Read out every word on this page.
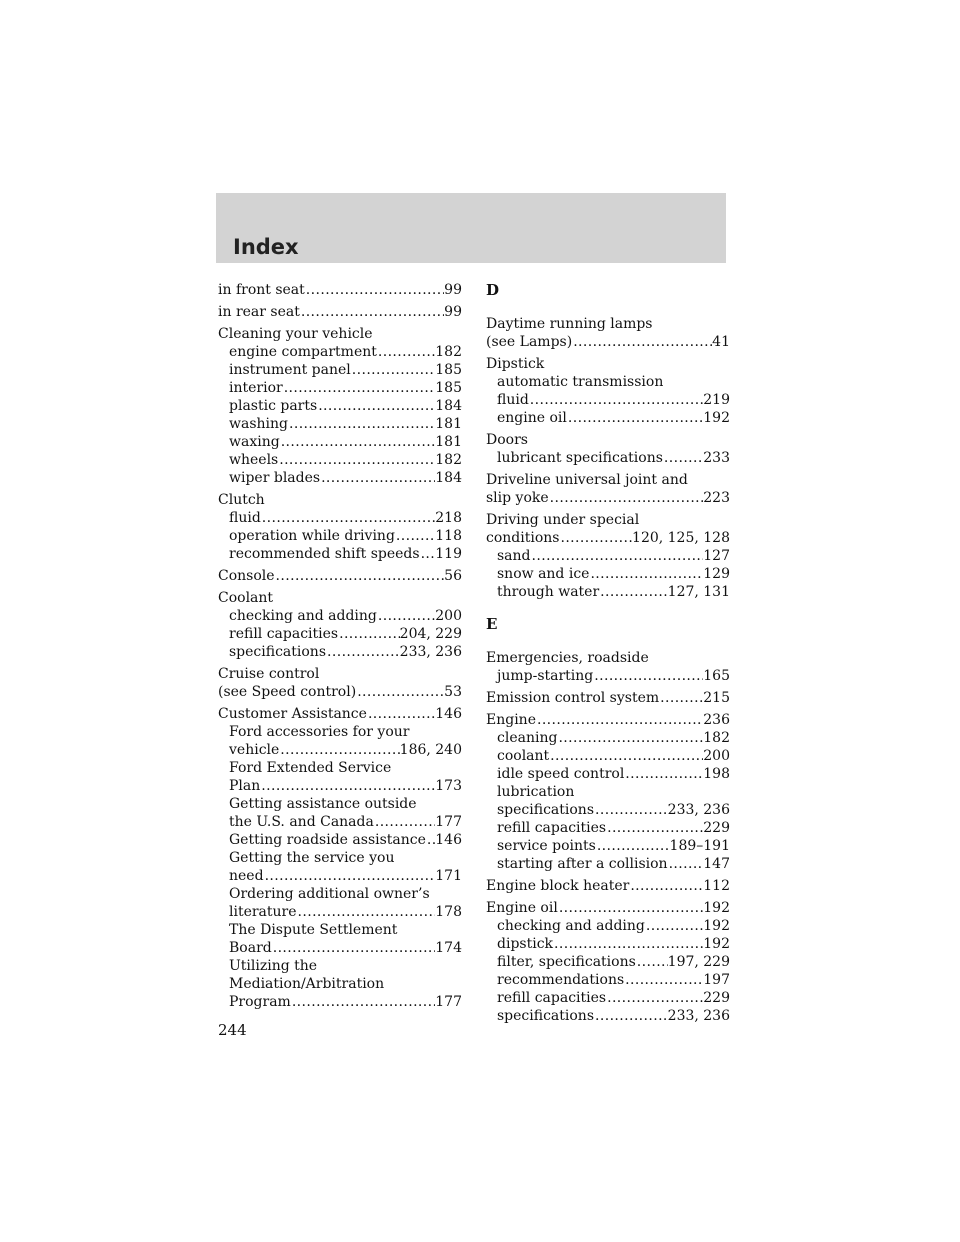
Index
in front seat .....	99
in rear seat .....	99
Cleaning your vehicle
engine compartment .....	182
instrument panel .....	185
interior .....	185
plastic parts .....	184
washing .....	181
waxing .....	181
wheels .....	182
wiper blades .....	184
Clutch
fluid .....	218
operation while driving .....	118
recommended shift speeds ..... 119
Console .....	56
Coolant
checking and adding .....	200
refill capacities .....	204, 229
specifications .....	233, 236
Cruise control
(see Speed control) .....	53
Customer Assistance .....	146
Ford accessories for your
vehicle .....	186, 240
Ford Extended Service
Plan .....	173
Getting assistance outside
the U.S. and Canada .....	177
Getting roadside assistance ..... 146
Getting the service you
need .....	171
Ordering additional owner’s
literature .....	178
The Dispute Settlement
Board .....	174
Utilizing the
Mediation/Arbitration
Program .....	177
D
Daytime running lamps
(see Lamps) .....	41
Dipstick
automatic transmission
fluid .....	219
engine oil .....	192
Doors
lubricant specifications .....	233
Driveline universal joint and
slip yoke .....	223
Driving under special
conditions .....	120, 125, 128
sand .....	127
snow and ice .....	129
through water .....	127, 131
E
Emergencies, roadside
jump-starting .....	165
Emission control system .....	215
Engine .....	236
cleaning .....	182
coolant .....	200
idle speed control .....	198
lubrication
specifications .....	233, 236
refill capacities .....	229
service points .....	189–191
starting after a collision .....	147
Engine block heater .....	112
Engine oil .....	192
checking and adding .....	192
dipstick .....	192
filter, specifications ..... 197, 229
recommendations .....	197
refill capacities .....	229
specifications .....	233, 236
244
